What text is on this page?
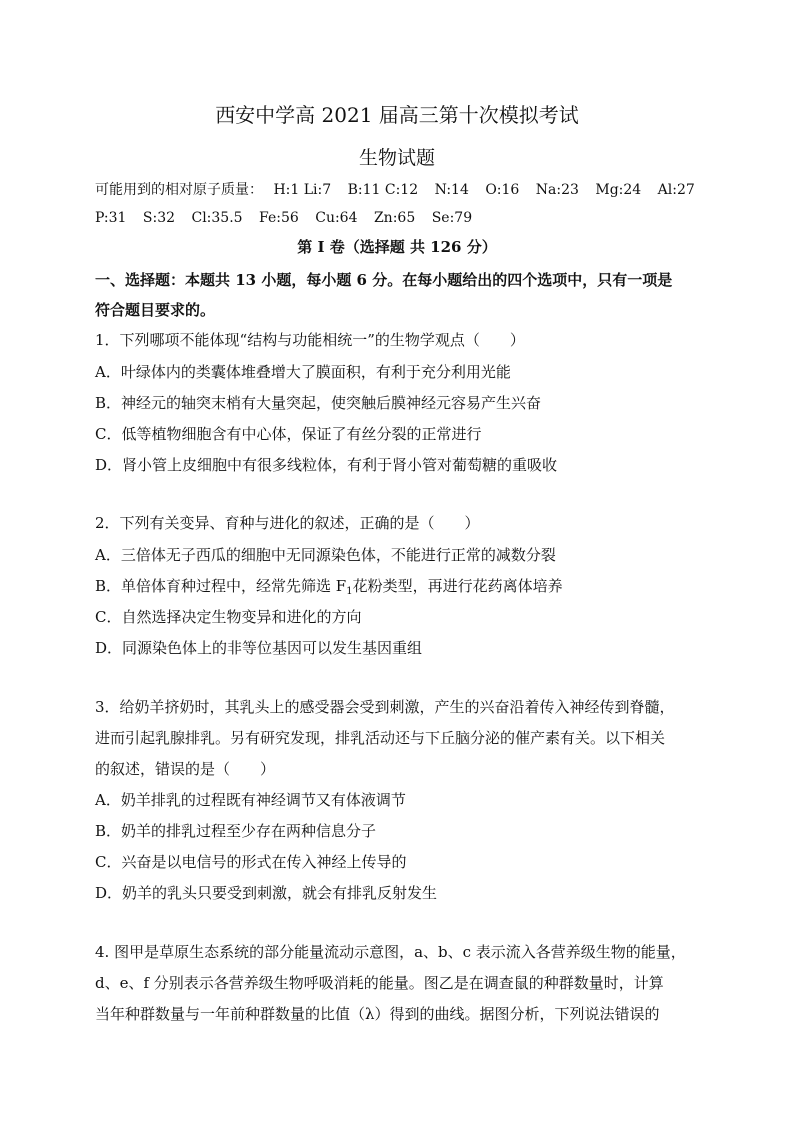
西安中学高 2021 届高三第十次模拟考试
生物试题
可能用到的相对原子质量： H:1 Li:7 B:11 C:12 N:14 O:16 Na:23 Mg:24 Al:27
P:31 S:32 Cl:35.5 Fe:56 Cu:64 Zn:65 Se:79
第 I 卷（选择题 共 126 分）
一、选择题：本题共 13 小题，每小题 6 分。在每小题给出的四个选项中，只有一项是
符合题目要求的。
1．下列哪项不能体现“结构与功能相统一”的生物学观点（　　）
A．叶绿体内的类囊体堆叠增大了膜面积，有利于充分利用光能
B．神经元的轴突末梢有大量突起，使突触后膜神经元容易产生兴奋
C．低等植物细胞含有中心体，保证了有丝分裂的正常进行
D．肾小管上皮细胞中有很多线粒体，有利于肾小管对葡萄糖的重吸收
2．下列有关变异、育种与进化的叙述，正确的是（　　）
A．三倍体无子西瓜的细胞中无同源染色体，不能进行正常的减数分裂
B．单倍体育种过程中，经常先筛选 $F_1$花粉类型，再进行花药离体培养
C．自然选择决定生物变异和进化的方向
D．同源染色体上的非等位基因可以发生基因重组
3．给奶羊挤奶时，其乳头上的感受器会受到刺激，产生的兴奋沿着传入神经传到脊髓，
进而引起乳腺排乳。另有研究发现，排乳活动还与下丘脑分泌的催产素有关。以下相关
的叙述，错误的是（　　）
A．奶羊排乳的过程既有神经调节又有体液调节
B．奶羊的排乳过程至少存在两种信息分子
C．兴奋是以电信号的形式在传入神经上传导的
D．奶羊的乳头只要受到刺激，就会有排乳反射发生
4. 图甲是草原生态系统的部分能量流动示意图，a、b、c 表示流入各营养级生物的能量，
d、e、f 分别表示各营养级生物呼吸消耗的能量。图乙是在调查鼠的种群数量时，计算
当年种群数量与一年前种群数量的比值（λ）得到的曲线。据图分析，下列说法错误的
